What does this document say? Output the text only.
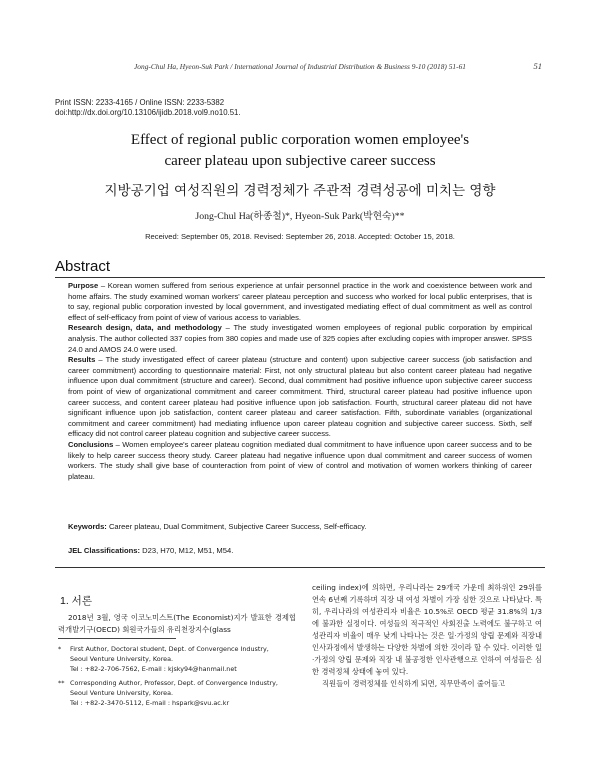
Jong-Chul Ha, Hyeon-Suk Park / International Journal of Industrial Distribution & Business 9-10 (2018) 51-61	51
Print ISSN: 2233-4165 / Online ISSN: 2233-5382
doi:http://dx.doi.org/10.13106/ijidb.2018.vol9.no10.51.
Effect of regional public corporation women employee's
career plateau upon subjective career success
지방공기업 여성직원의 경력정체가 주관적 경력성공에 미치는 영향
Jong-Chul Ha(하종철)*, Hyeon-Suk Park(박현숙)**
Received: September 05, 2018. Revised: September 26, 2018. Accepted: October 15, 2018.
Abstract

Purpose – Korean women suffered from serious experience at unfair personnel practice in the work and coexistence between work and home affairs. The study examined woman workers' career plateau perception and success who worked for local public enterprises, that is to say, regional public corporation invested by local government, and investigated mediating effect of dual commitment as well as control effect of self-efficacy from point of view of various access to variables.

Research design, data, and methodology – The study investigated women employees of regional public corporation by empirical analysis. The author collected 337 copies from 380 copies and made use of 325 copies after excluding copies with improper answer. SPSS 24.0 and AMOS 24.0 were used.

Results – The study investigated effect of career plateau (structure and content) upon subjective career success (job satisfaction and career commitment) according to questionnaire material: First, not only structural plateau but also content career plateau had negative influence upon dual commitment (structure and career). Second, dual commitment had positive influence upon subjective career success from point of view of organizational commitment and career commitment. Third, structural career plateau had positive influence upon career success, and content career plateau had positive influence upon job satisfaction. Fourth, structural career plateau did not have significant influence upon job satisfaction, content career plateau and career satisfaction. Fifth, subordinate variables (organizational commitment and career commitment) had mediating influence upon career plateau cognition and subjective career success. Sixth, self efficacy did not control career plateau cognition and subjective career success.

Conclusions – Women employee's career plateau cognition mediated dual commitment to have influence upon career success and to be likely to help career success theory study. Career plateau had negative influence upon dual commitment and career success of women workers. The study shall give base of counteraction from point of view of control and motivation of women workers thinking of career plateau.

Keywords: Career plateau, Dual Commitment, Subjective Career Success, Self-efficacy.
JEL Classifications: D23, H70, M12, M51, M54.
1. 서론

2018년 3월, 영국 이코노미스트(The Economist)지가 발표한 경제협력개발기구(OECD) 회원국가들의 유리천장지수(glass

*	First Author, Doctoral student, Dept. of Convergence Industry,
Seoul Venture University, Korea.
Tel : +82-2-706-7562, E-mail : kjsky94@hanmail.net
** Corresponding Author, Professor, Dept. of Convergence Industry,
Seoul Venture University, Korea.
Tel : +82-2-3470-5112, E-mail : hspark@svu.ac.kr

ceiling index)에 의하면, 우리나라는 29개국 가운데 최하위인 29위를 연속 6년째 기록하며 직장 내 여성 차별이 가장 심한 것으로 나타났다. 특히, 우리나라의 여성관리자 비율은 10.5%로 OECD 평균 31.8%의 1/3에 불과한 실정이다. 여성들의 적극적인 사회진출 노력에도 불구하고 여성관리자 비율이 매우 낮게 나타나는 것은 일·가정의 양립 문제와 직장내 인사과정에서 발생하는 다양한 차별에 의한 것이라 할 수 있다. 이러한 일·가정의 양립 문제와 직장 내 불공정한 인사관행으로 인하여 여성들은 심한 경력정체 상태에 놓여 있다.

직원들이 경력정체를 인식하게 되면, 직무만족이 줄어들고
